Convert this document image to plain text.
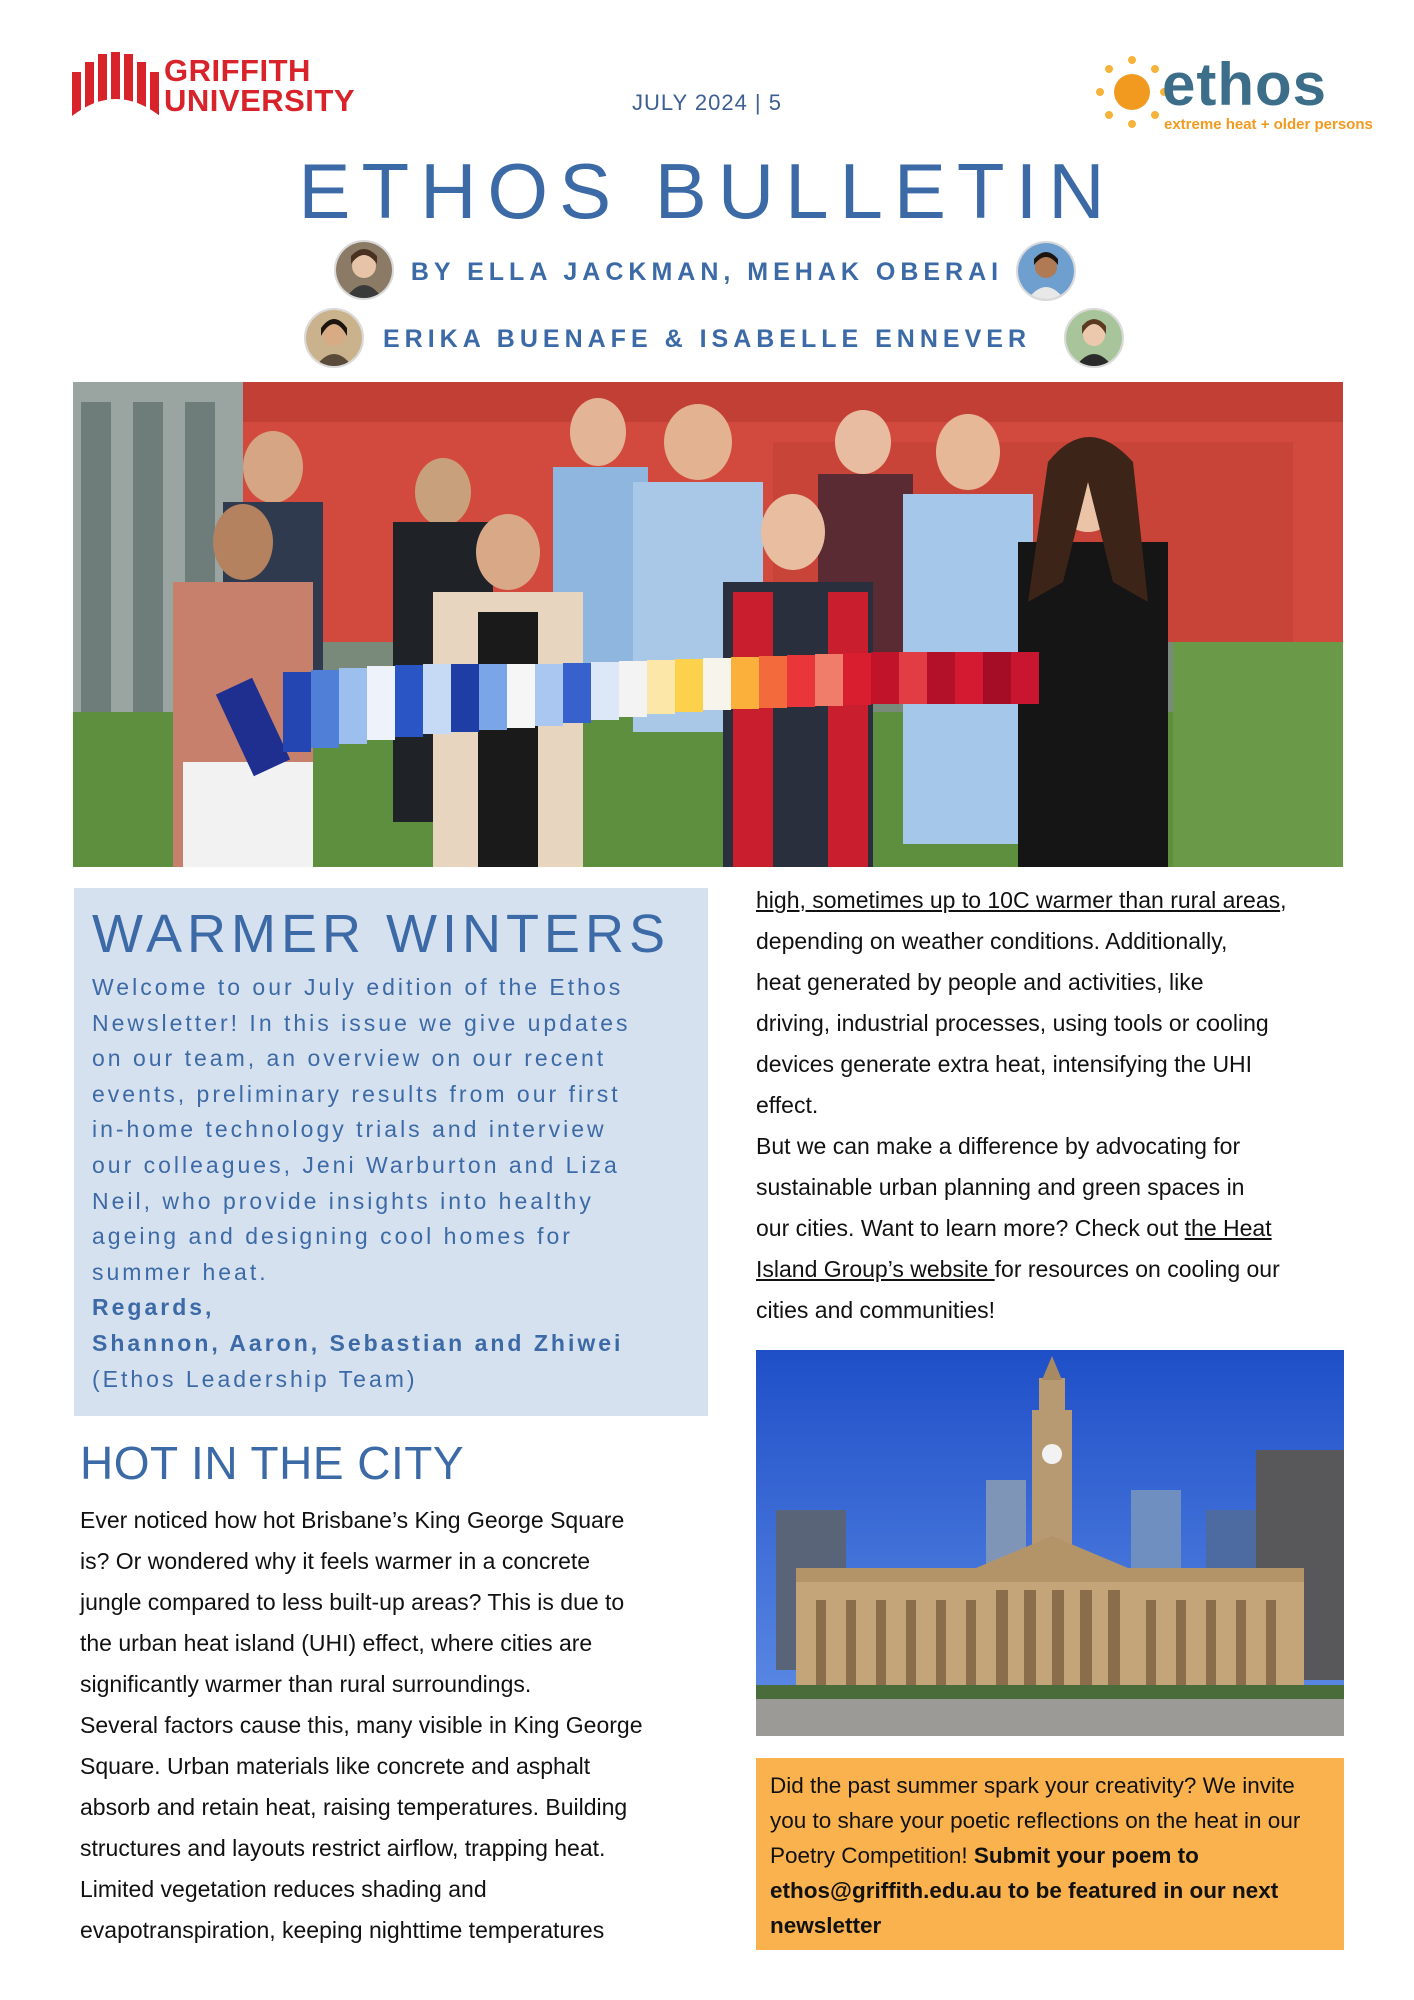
GRIFFITH
UNIVERSITY	JULY 2024 | 5	ethos
extreme heat + older persons
ETHOS BULLETIN
BY ELLA JACKMAN, MEHAK OBERAI
ERIKA BUENAFE & ISABELLE ENNEVER
WARMER WINTERS

Welcome to our July edition of the Ethos
Newsletter! In this issue we give updates
on our team, an overview on our recent
events, preliminary results from our first
in-home technology trials and interview
our colleagues, Jeni Warburton and Liza
Neil, who provide insights into healthy
ageing and designing cool homes for
summer heat.
Regards,
Shannon, Aaron, Sebastian and Zhiwei
(Ethos Leadership Team)

HOT IN THE CITY

Ever noticed how hot Brisbane’s King George Square
is? Or wondered why it feels warmer in a concrete
jungle compared to less built-up areas? This is due to
the urban heat island (UHI) effect, where cities are
significantly warmer than rural surroundings.
Several factors cause this, many visible in King George
Square. Urban materials like concrete and asphalt
absorb and retain heat, raising temperatures. Building
structures and layouts restrict airflow, trapping heat.
Limited vegetation reduces shading and
evapotranspiration, keeping nighttime temperatures

high, sometimes up to 10C warmer than rural areas,
depending on weather conditions. Additionally,
heat generated by people and activities, like
driving, industrial processes, using tools or cooling
devices generate extra heat, intensifying the UHI
effect.
But we can make a difference by advocating for
sustainable urban planning and green spaces in
our cities. Want to learn more? Check out the Heat
Island Group’s website for resources on cooling our
cities and communities!

Did the past summer spark your creativity? We invite you to share your poetic reflections on the heat in our Poetry Competition! Submit your poem to ethos@griffith.edu.au to be featured in our next newsletter
